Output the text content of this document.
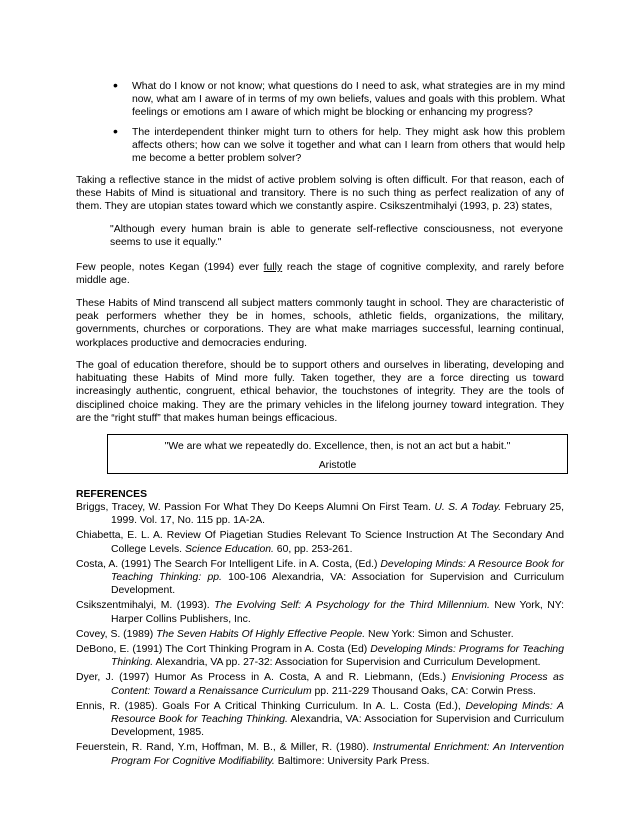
• What do I know or not know; what questions do I need to ask, what strategies are in my mind now, what am I aware of in terms of my own beliefs, values and goals with this problem. What feelings or emotions am I aware of which might be blocking or enhancing my progress?
• The interdependent thinker might turn to others for help. They might ask how this problem affects others; how can we solve it together and what can I learn from others that would help me become a better problem solver?

Taking a reflective stance in the midst of active problem solving is often difficult. For that reason, each of these Habits of Mind is situational and transitory. There is no such thing as perfect realization of any of them. They are utopian states toward which we constantly aspire. Csikszentmihalyi (1993, p. 23) states,

"Although every human brain is able to generate self-reflective consciousness, not everyone seems to use it equally."

Few people, notes Kegan (1994) ever fully reach the stage of cognitive complexity, and rarely before middle age.

These Habits of Mind transcend all subject matters commonly taught in school. They are characteristic of peak performers whether they be in homes, schools, athletic fields, organizations, the military, governments, churches or corporations. They are what make marriages successful, learning continual, workplaces productive and democracies enduring.

The goal of education therefore, should be to support others and ourselves in liberating, developing and habituating these Habits of Mind more fully. Taken together, they are a force directing us toward increasingly authentic, congruent, ethical behavior, the touchstones of integrity. They are the tools of disciplined choice making. They are the primary vehicles in the lifelong journey toward integration. They are the “right stuff” that makes human beings efficacious.

"We are what we repeatedly do. Excellence, then, is not an act but a habit."
Aristotle
REFERENCES
Briggs, Tracey, W. Passion For What They Do Keeps Alumni On First Team. U. S. A Today. February 25, 1999. Vol. 17, No. 115 pp. 1A-2A.
Chiabetta, E. L. A. Review Of Piagetian Studies Relevant To Science Instruction At The Secondary And College Levels. Science Education. 60, pp. 253-261.
Costa, A. (1991) The Search For Intelligent Life. in A. Costa, (Ed.) Developing Minds: A Resource Book for Teaching Thinking: pp. 100-106 Alexandria, VA: Association for Supervision and Curriculum Development.
Csikszentmihalyi, M. (1993). The Evolving Self: A Psychology for the Third Millennium. New York, NY: Harper Collins Publishers, Inc.
Covey, S. (1989) The Seven Habits Of Highly Effective People. New York: Simon and Schuster.
DeBono, E. (1991) The Cort Thinking Program in A. Costa (Ed) Developing Minds: Programs for Teaching Thinking. Alexandria, VA pp. 27-32: Association for Supervision and Curriculum Development.
Dyer, J. (1997) Humor As Process in A. Costa, A and R. Liebmann, (Eds.) Envisioning Process as Content: Toward a Renaissance Curriculum pp. 211-229 Thousand Oaks, CA: Corwin Press.
Ennis, R. (1985). Goals For A Critical Thinking Curriculum. In A. L. Costa (Ed.), Developing Minds: A Resource Book for Teaching Thinking. Alexandria, VA: Association for Supervision and Curriculum Development, 1985.
Feuerstein, R. Rand, Y.m, Hoffman, M. B., & Miller, R. (1980). Instrumental Enrichment: An Intervention Program For Cognitive Modifiability. Baltimore: University Park Press.
